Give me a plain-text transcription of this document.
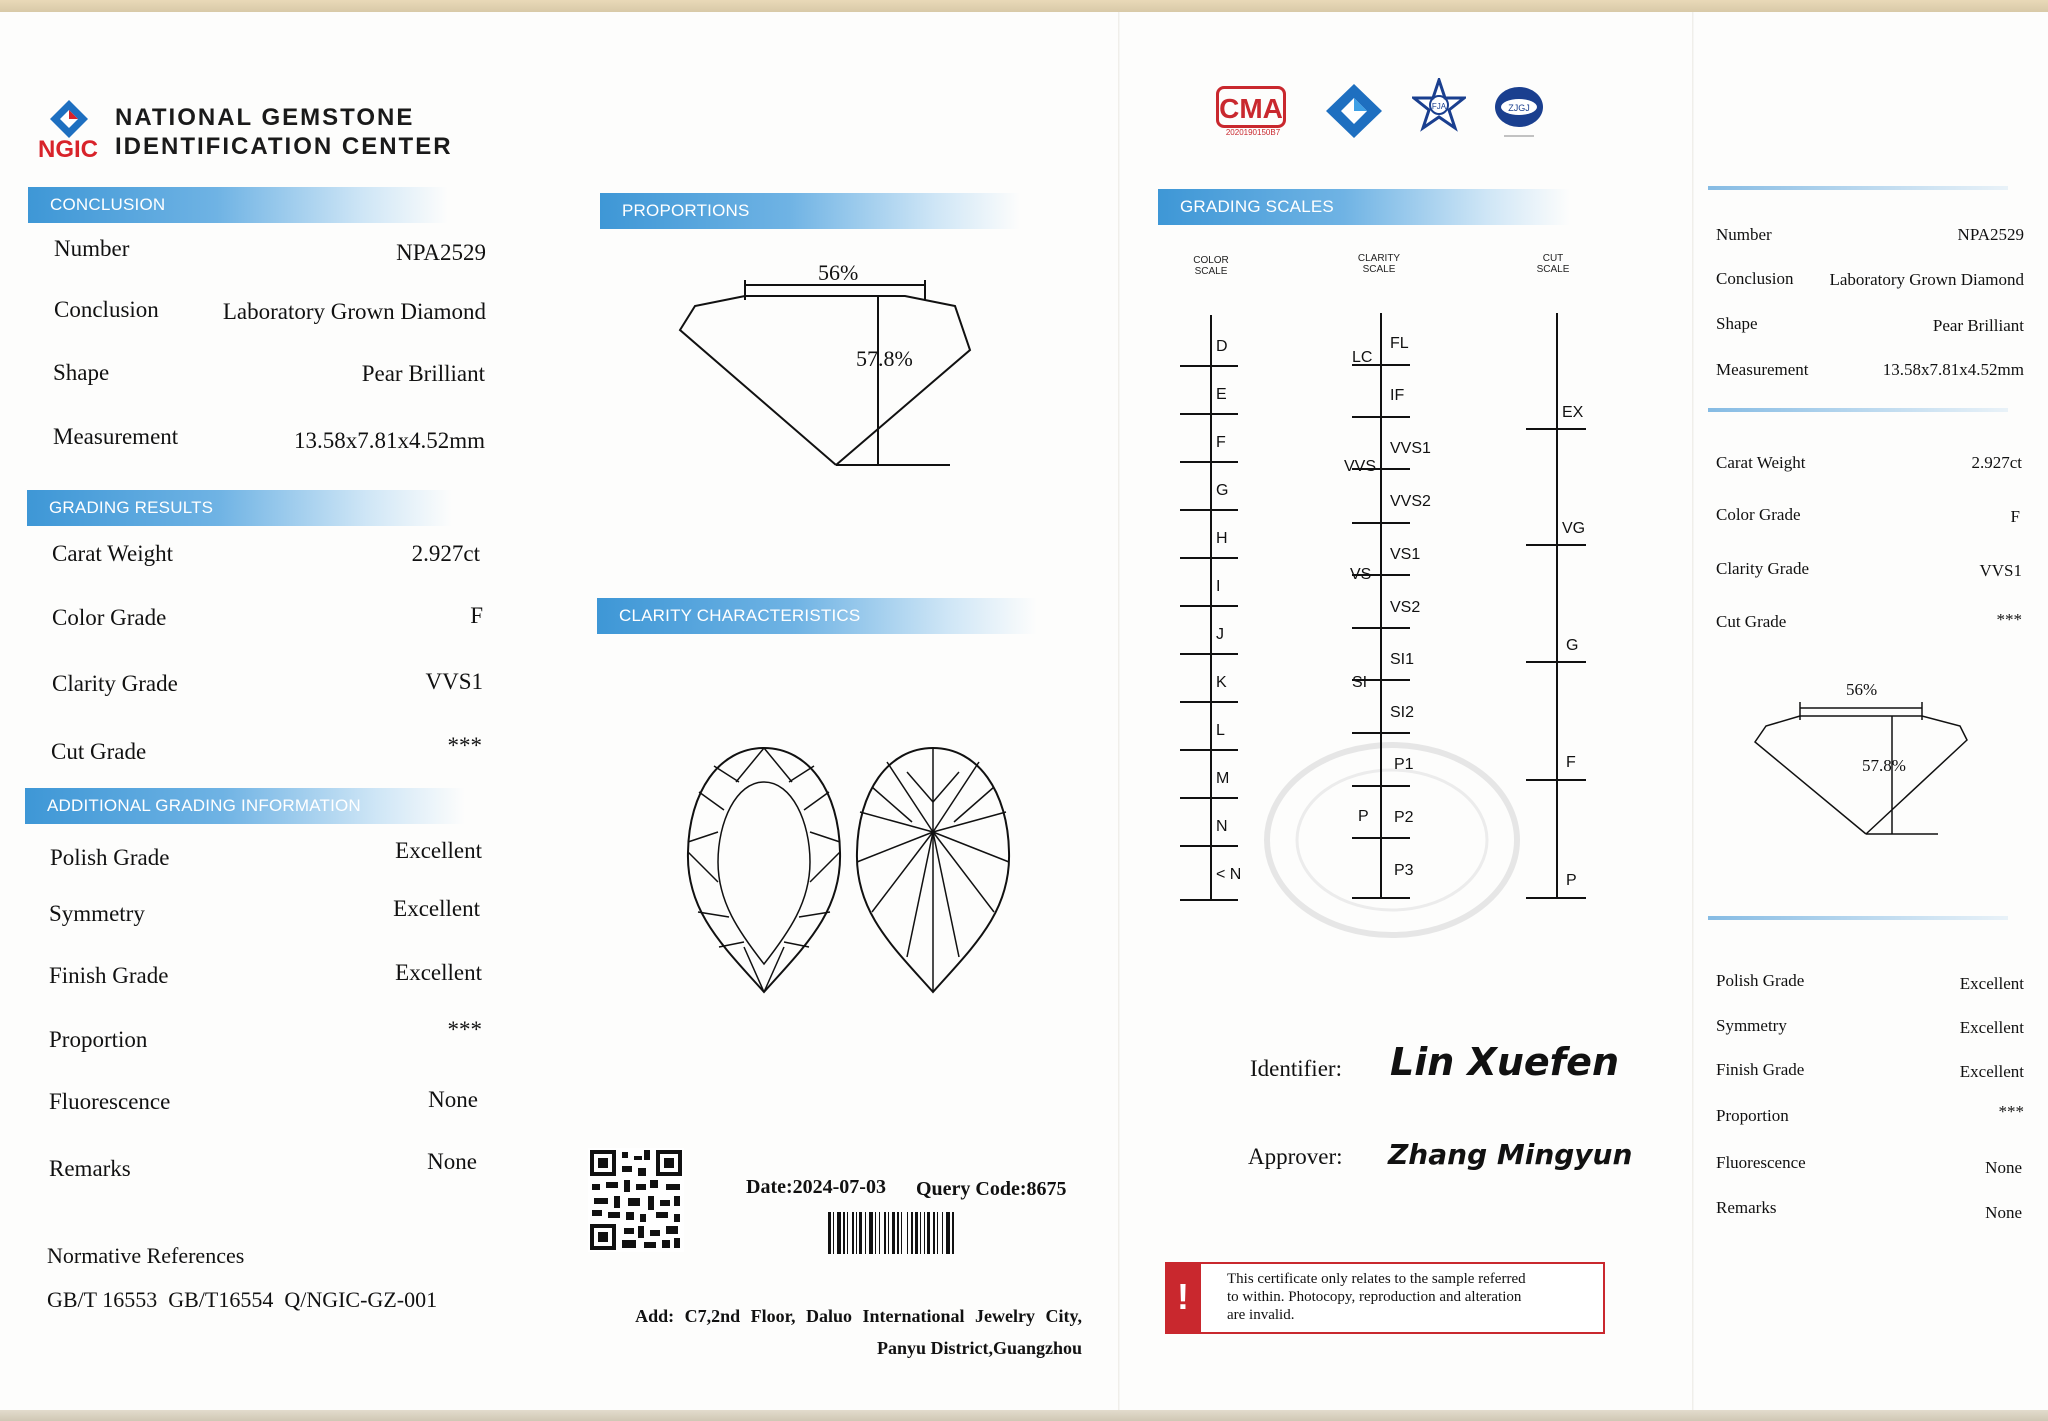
NGIC
NATIONAL GEMSTONE
IDENTIFICATION CENTER
CMA
2020190150B7
FJA	ZJGJ
CONCLUSION
Number	NPA2529
Conclusion	Laboratory Grown Diamond
Shape	Pear Brilliant
Measurement	13.58x7.81x4.52mm
GRADING RESULTS
Carat Weight	2.927ct
Color Grade	F
Clarity Grade	VVS1
Cut Grade	***
ADDITIONAL GRADING INFORMATION
Polish Grade	Excellent
Symmetry	Excellent
Finish Grade	Excellent
Proportion	***
Fluorescence	None
Remarks	None
Normative References
GB/T 16553  GB/T16554  Q/NGIC-GZ-001
PROPORTIONS
56%
57.8%
CLARITY CHARACTERISTICS
Date:2024-07-03 Query Code:8675
Add: C7,2nd Floor, Daluo International Jewelry City,
Panyu District,Guangzhou
GRADING SCALES
COLOR
SCALE
CLARITY
SCALE
CUT
SCALE
D
E
F
G
H
I
J
K
L
M
N
< N
LC
VVS
VS
SI
P
FL
IF
VVS1
VVS2
VS1
VS2
SI1
SI2
P1
P2
P3
EX
VG
G
F
P
Identifier: Lin Xuefen
Approver: Zhang Mingyun
!	This certificate only relates to the sample referred
to within. Photocopy, reproduction and alteration
are invalid.
Number	NPA2529
Conclusion Laboratory Grown Diamond
Shape	Pear Brilliant
Measurement	13.58x7.81x4.52mm
Carat Weight	2.927ct
Color Grade	F
Clarity Grade	VVS1
Cut Grade	***
56%
57.8%
Polish Grade	Excellent
Symmetry	Excellent
Finish Grade	Excellent
Proportion	***
Fluorescence	None
Remarks	None
